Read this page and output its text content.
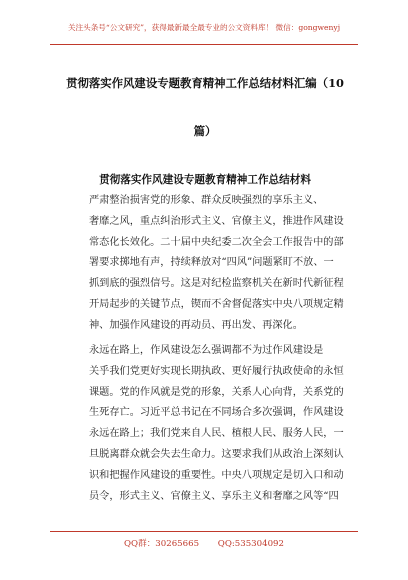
关注头条号“公文研究”，获得最新最全最专业的公文资料库！ 微信：gongwenyj
贯彻落实作风建设专题教育精神工作总结材料汇编（10
篇）
贯彻落实作风建设专题教育精神工作总结材料
严肃整治损害党的形象、群众反映强烈的享乐主义、
奢靡之风，重点纠治形式主义、官僚主义，推进作风建设
常态化长效化。二十届中央纪委二次全会工作报告中的部
署要求掷地有声，持续释放对“四风”问题紧盯不放、一
抓到底的强烈信号。这是对纪检监察机关在新时代新征程
开局起步的关键节点，锲而不舍督促落实中央八项规定精
神、加强作风建设的再动员、再出发、再深化。
永远在路上，作风建设怎么强调都不为过作风建设是
关乎我们党更好实现长期执政、更好履行执政使命的永恒
课题。党的作风就是党的形象，关系人心向背，关系党的
生死存亡。习近平总书记在不同场合多次强调，作风建设
永远在路上；我们党来自人民、植根人民、服务人民，一
旦脱离群众就会失去生命力。这要求我们从政治上深刻认
识和把握作风建设的重要性。中央八项规定是切入口和动
员令，形式主义、官僚主义、享乐主义和奢靡之风等“四
QQ群：30265665 QQ:535304092
